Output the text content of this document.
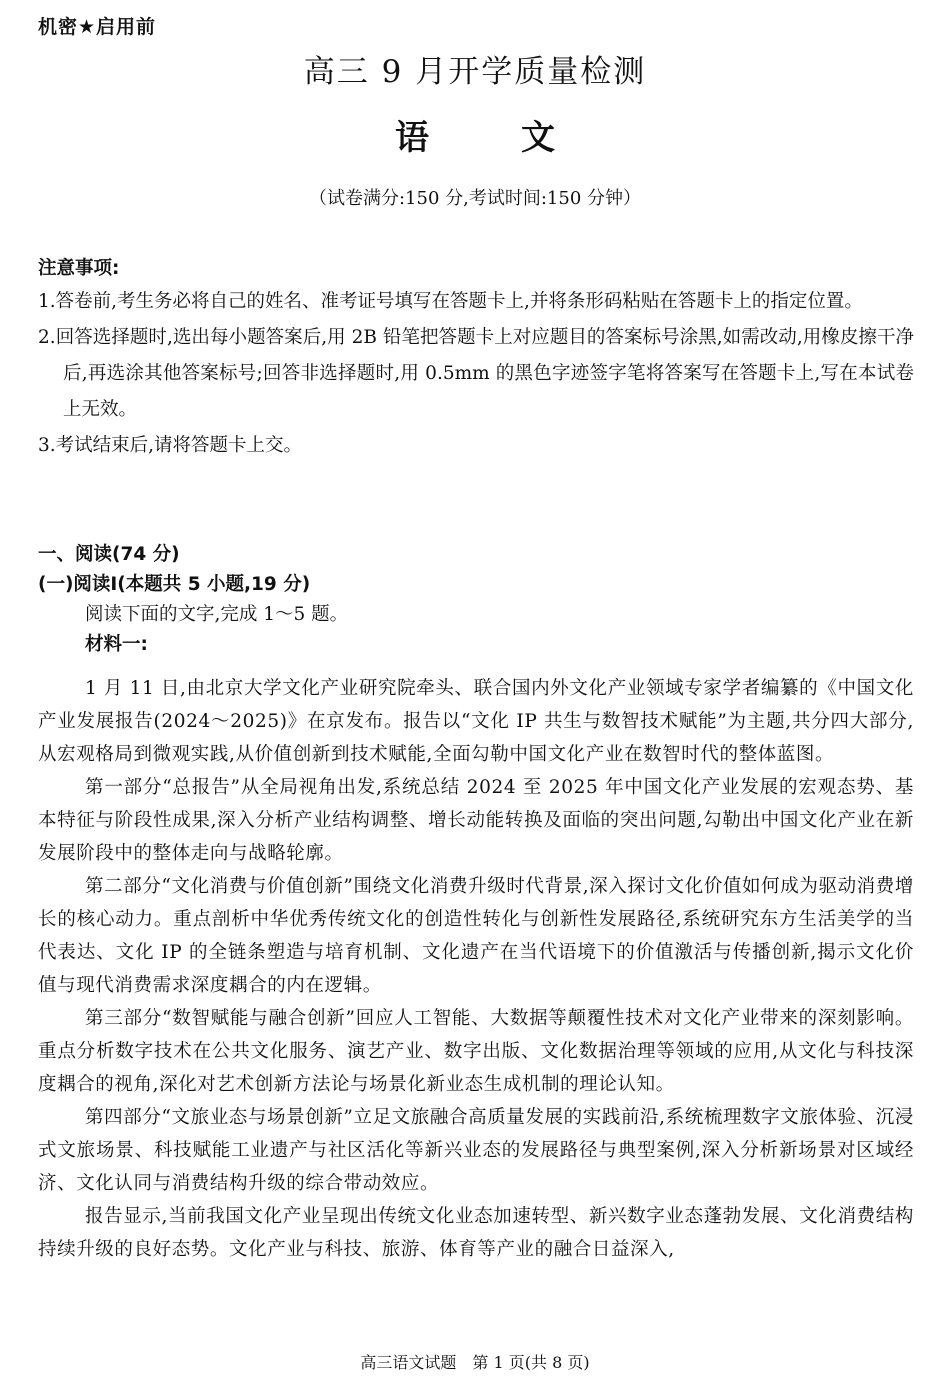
机密★启用前
高三 9 月开学质量检测
语	文
（试卷满分:150 分,考试时间:150 分钟）
注意事项:
1.答卷前,考生务必将自己的姓名、准考证号填写在答题卡上,并将条形码粘贴在答题卡上的指定位置。
2.回答选择题时,选出每小题答案后,用 2B 铅笔把答题卡上对应题目的答案标号涂黑,如需改动,用橡皮擦干净后,再选涂其他答案标号;回答非选择题时,用 0.5mm 的黑色字迹签字笔将答案写在答题卡上,写在本试卷上无效。
3.考试结束后,请将答题卡上交。
一、阅读(74 分)
(一)阅读Ⅰ(本题共 5 小题,19 分)
阅读下面的文字,完成 1～5 题。
材料一:

1 月 11 日,由北京大学文化产业研究院牵头、联合国内外文化产业领域专家学者编纂的《中国文化产业发展报告(2024～2025)》在京发布。报告以“文化 IP 共生与数智技术赋能”为主题,共分四大部分,从宏观格局到微观实践,从价值创新到技术赋能,全面勾勒中国文化产业在数智时代的整体蓝图。

第一部分“总报告”从全局视角出发,系统总结 2024 至 2025 年中国文化产业发展的宏观态势、基本特征与阶段性成果,深入分析产业结构调整、增长动能转换及面临的突出问题,勾勒出中国文化产业在新发展阶段中的整体走向与战略轮廓。

第二部分“文化消费与价值创新”围绕文化消费升级时代背景,深入探讨文化价值如何成为驱动消费增长的核心动力。重点剖析中华优秀传统文化的创造性转化与创新性发展路径,系统研究东方生活美学的当代表达、文化 IP 的全链条塑造与培育机制、文化遗产在当代语境下的价值激活与传播创新,揭示文化价值与现代消费需求深度耦合的内在逻辑。

第三部分“数智赋能与融合创新”回应人工智能、大数据等颠覆性技术对文化产业带来的深刻影响。重点分析数字技术在公共文化服务、演艺产业、数字出版、文化数据治理等领域的应用,从文化与科技深度耦合的视角,深化对艺术创新方法论与场景化新业态生成机制的理论认知。

第四部分“文旅业态与场景创新”立足文旅融合高质量发展的实践前沿,系统梳理数字文旅体验、沉浸式文旅场景、科技赋能工业遗产与社区活化等新兴业态的发展路径与典型案例,深入分析新场景对区域经济、文化认同与消费结构升级的综合带动效应。

报告显示,当前我国文化产业呈现出传统文化业态加速转型、新兴数字业态蓬勃发展、文化消费结构持续升级的良好态势。文化产业与科技、旅游、体育等产业的融合日益深入,

高三语文试题　第 1 页(共 8 页)
